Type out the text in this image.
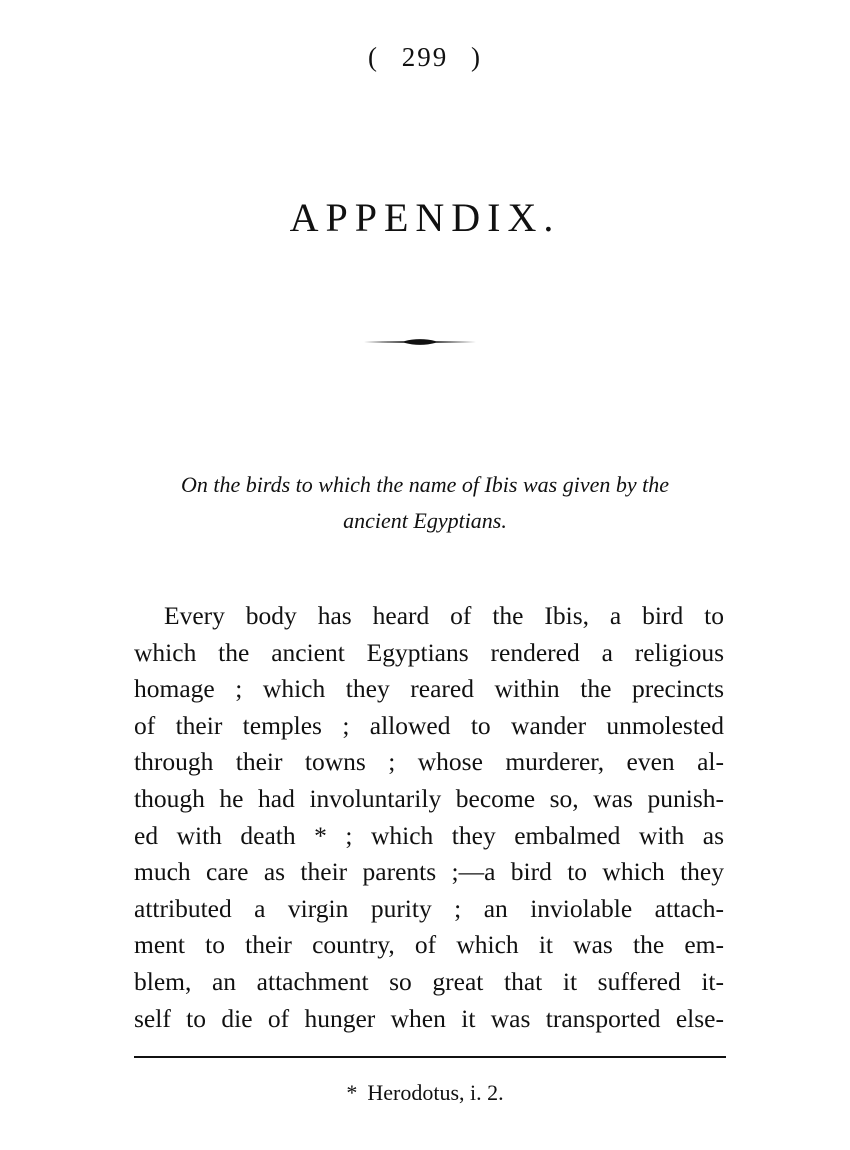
( 299 )
APPENDIX.
On the birds to which the name of Ibis was given by the
ancient Egyptians.
Every body has heard of the Ibis, a bird to
which the ancient Egyptians rendered a religious
homage ; which they reared within the precincts
of their temples ; allowed to wander unmolested
through their towns ; whose murderer, even al-
though he had involuntarily become so, was punish-
ed with death * ; which they embalmed with as
much care as their parents ;—a bird to which they
attributed a virgin purity ; an inviolable attach-
ment to their country, of which it was the em-
blem, an attachment so great that it suffered it-
self to die of hunger when it was transported else-
* Herodotus, i. 2.
